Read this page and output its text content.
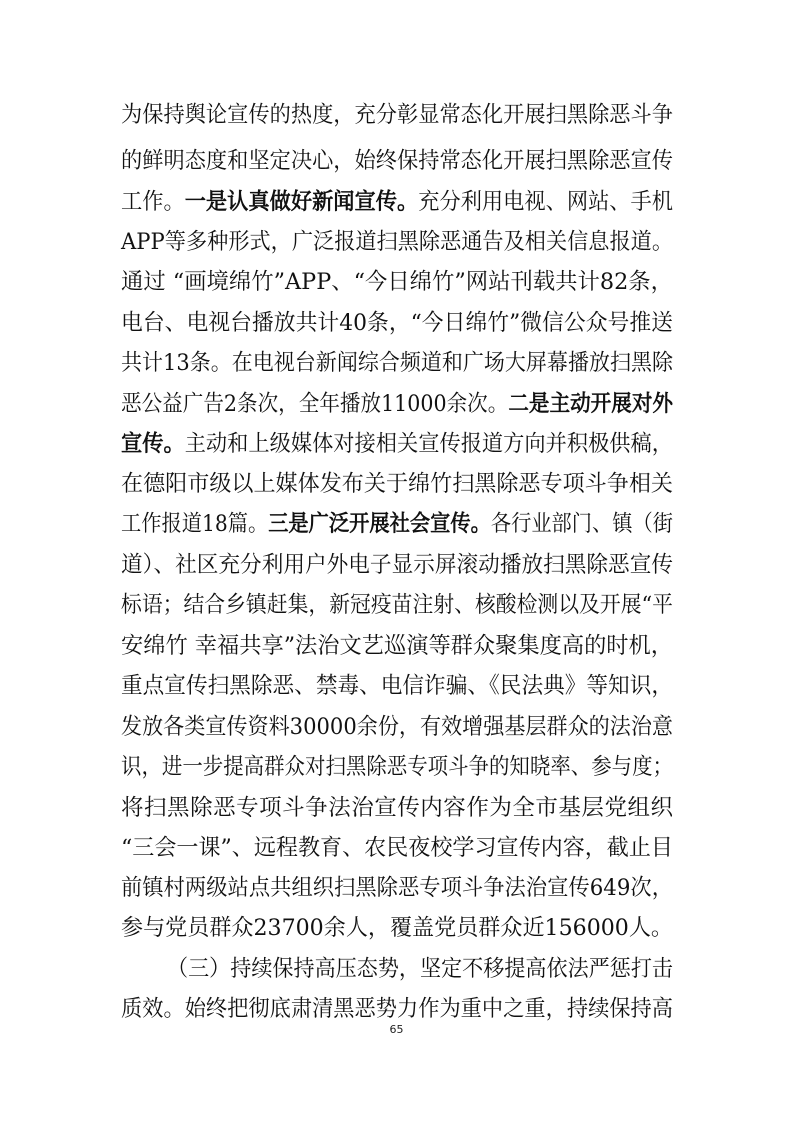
为保持舆论宣传的热度，充分彰显常态化开展扫黑除恶斗争
的鲜明态度和坚定决心，始终保持常态化开展扫黑除恶宣传
工作。一是认真做好新闻宣传。充分利用电视、网站、手机
APP等多种形式，广泛报道扫黑除恶通告及相关信息报道。
通过 “画境绵竹”APP、“今日绵竹”网站刊载共计82条，
电台、电视台播放共计40条，“今日绵竹”微信公众号推送
共计13条。在电视台新闻综合频道和广场大屏幕播放扫黑除
恶公益广告2条次，全年播放11000余次。二是主动开展对外
宣传。主动和上级媒体对接相关宣传报道方向并积极供稿，
在德阳市级以上媒体发布关于绵竹扫黑除恶专项斗争相关
工作报道18篇。三是广泛开展社会宣传。各行业部门、镇（街
道）、社区充分利用户外电子显示屏滚动播放扫黑除恶宣传
标语；结合乡镇赶集，新冠疫苗注射、核酸检测以及开展“平
安绵竹 幸福共享”法治文艺巡演等群众聚集度高的时机，
重点宣传扫黑除恶、禁毒、电信诈骗、《民法典》等知识，
发放各类宣传资料30000余份，有效增强基层群众的法治意
识，进一步提高群众对扫黑除恶专项斗争的知晓率、参与度；
将扫黑除恶专项斗争法治宣传内容作为全市基层党组织
“三会一课”、远程教育、农民夜校学习宣传内容，截止目
前镇村两级站点共组织扫黑除恶专项斗争法治宣传649次，
参与党员群众23700余人，覆盖党员群众近156000人。
（三）持续保持高压态势，坚定不移提高依法严惩打击
质效。始终把彻底肃清黑恶势力作为重中之重，持续保持高
65
